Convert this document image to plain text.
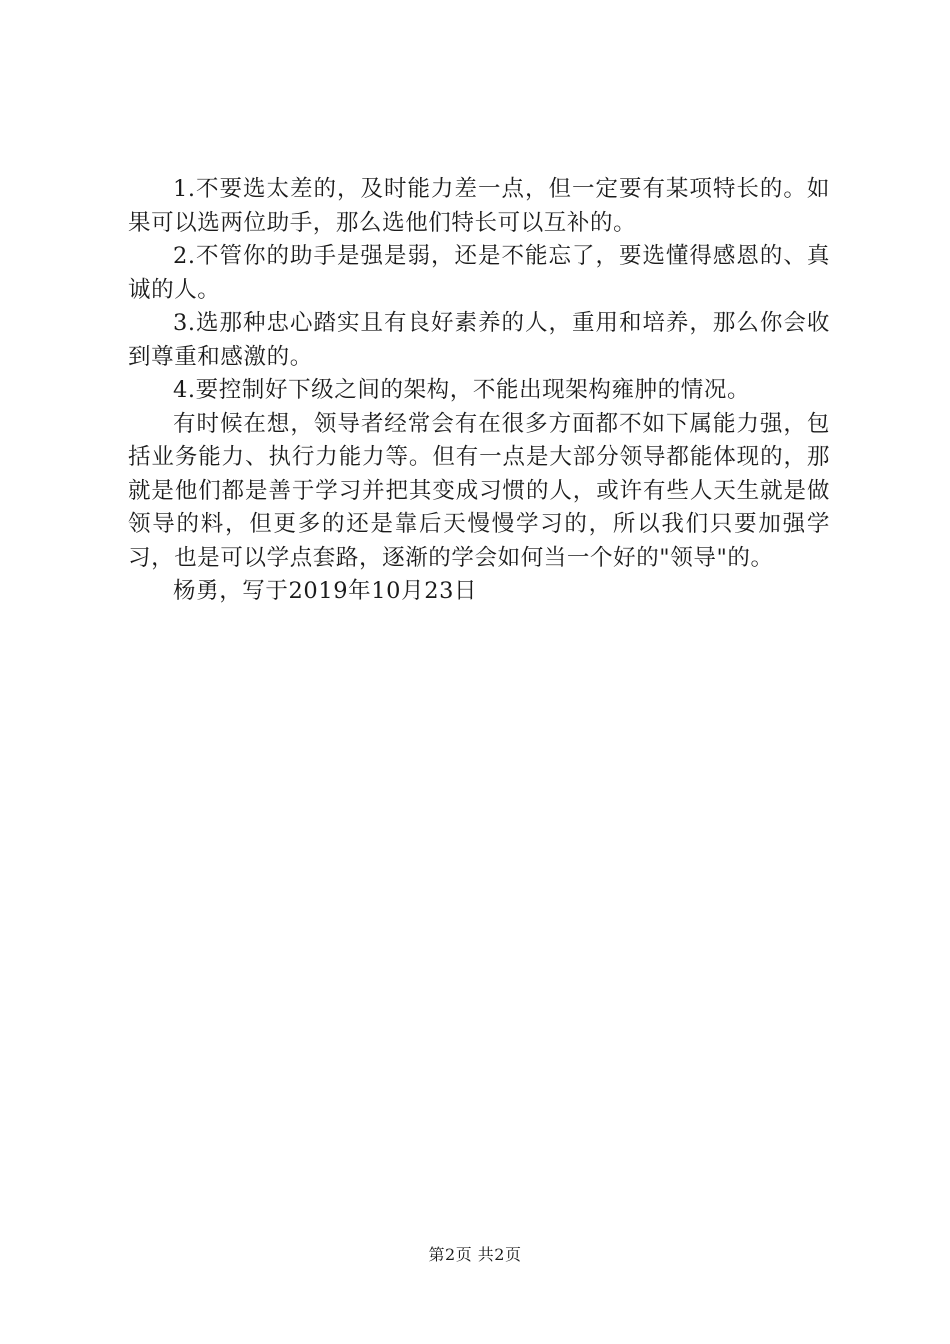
1.不要选太差的，及时能力差一点，但一定要有某项特长的。如果可以选两位助手，那么选他们特长可以互补的。

2.不管你的助手是强是弱，还是不能忘了，要选懂得感恩的、真诚的人。

3.选那种忠心踏实且有良好素养的人，重用和培养，那么你会收到尊重和感激的。

4.要控制好下级之间的架构，不能出现架构雍肿的情况。

有时候在想，领导者经常会有在很多方面都不如下属能力强，包括业务能力、执行力能力等。但有一点是大部分领导都能体现的，那就是他们都是善于学习并把其变成习惯的人，或许有些人天生就是做领导的料，但更多的还是靠后天慢慢学习的，所以我们只要加强学习，也是可以学点套路，逐渐的学会如何当一个好的"领导"的。

杨勇，写于2019年10月23日

第2页 共2页
